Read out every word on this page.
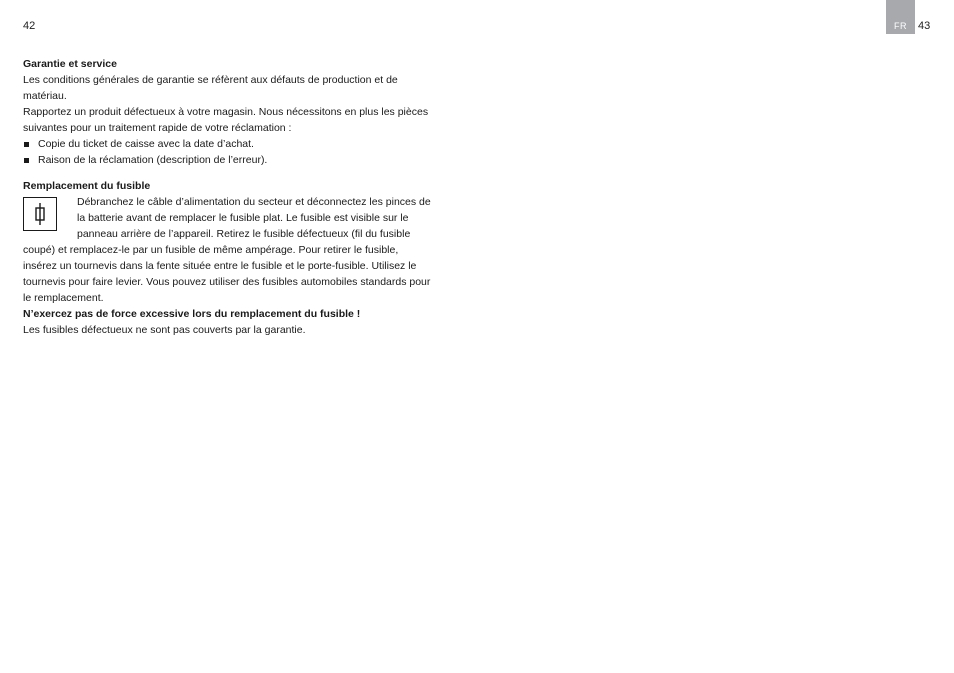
42	FR	43

Garantie et service

Les conditions générales de garantie se réfèrent aux défauts de production et de matériau.

Rapportez un produit défectueux à votre magasin. Nous nécessitons en plus les pièces suivantes pour un traitement rapide de votre réclamation :

Copie du ticket de caisse avec la date d’achat.
Raison de la réclamation (description de l’erreur).

Remplacement du fusible

Débranchez le câble d’alimentation du secteur et déconnectez les pinces de la batterie avant de remplacer le fusible plat. Le fusible est visible sur le panneau arrière de l’appareil. Retirez le fusible défectueux (fil du fusible coupé) et remplacez-le par un fusible de même ampérage. Pour retirer le fusible, insérez un tournevis dans la fente située entre le fusible et le porte-fusible. Utilisez le tournevis pour faire levier. Vous pouvez utiliser des fusibles automobiles standards pour le remplacement.

N’exercez pas de force excessive lors du remplacement du fusible !

Les fusibles défectueux ne sont pas couverts par la garantie.
